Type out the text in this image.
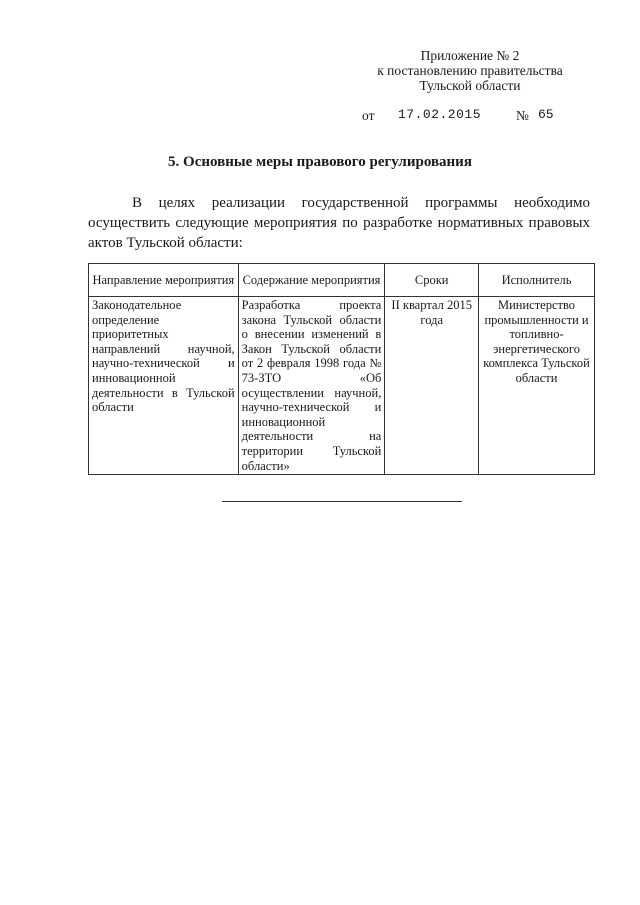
Приложение № 2
к постановлению правительства
Тульской области
от 17.02.2015	№ 65
5. Основные меры правового регулирования
В целях реализации государственной программы необходимо осуществить следующие мероприятия по разработке нормативных правовых актов Тульской области:
Направление мероприятия	Содержание мероприятия	Сроки	Исполнитель
Законодательное определение приоритетных направлений научной, научно-технической и инновационной деятельности в Тульской области	Разработка проекта закона Тульской области о внесении изменений в Закон Тульской области от 2 февраля 1998 года № 73-ЗТО «Об осуществлении научной, научно-технической и инновационной деятельности на территории Тульской области»	II квартал 2015 года	Министерство промышленности и топливно-энергетического комплекса Тульской области
